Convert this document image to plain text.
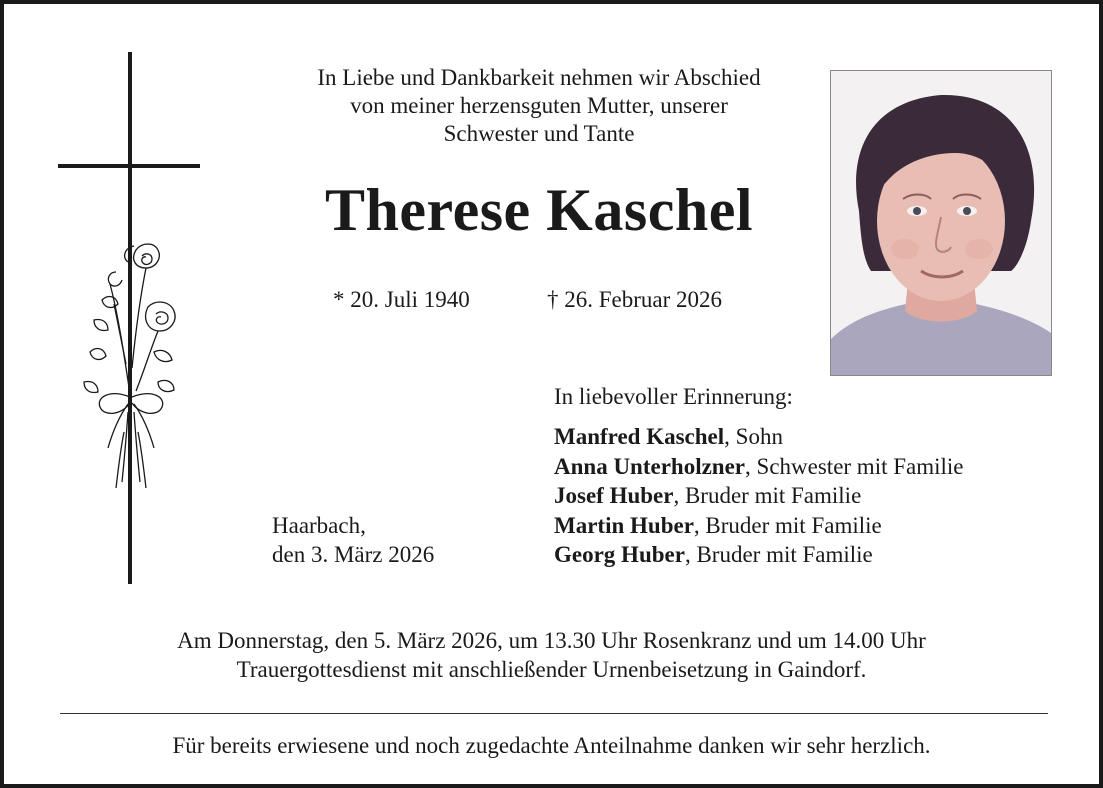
In Liebe und Dankbarkeit nehmen wir Abschied
von meiner herzensguten Mutter, unserer
Schwester und Tante
Therese Kaschel
* 20. Juli 1940	† 26. Februar 2026
In liebevoller Erinnerung:
Manfred Kaschel, Sohn
Anna Unterholzner, Schwester mit Familie
Josef Huber, Bruder mit Familie
Martin Huber, Bruder mit Familie
Georg Huber, Bruder mit Familie
Haarbach,
den 3. März 2026
Am Donnerstag, den 5. März 2026, um 13.30 Uhr Rosenkranz und um 14.00 Uhr
Trauergottesdienst mit anschließender Urnenbeisetzung in Gaindorf.
Für bereits erwiesene und noch zugedachte Anteilnahme danken wir sehr herzlich.
